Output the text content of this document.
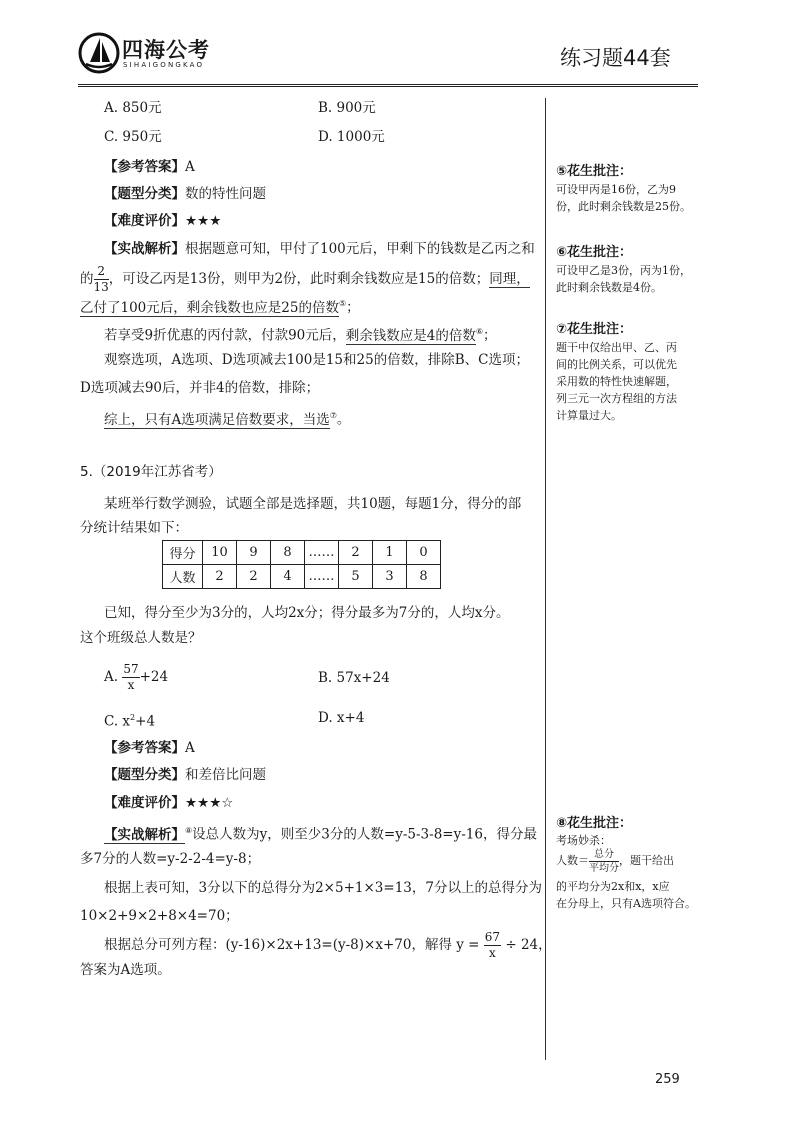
四海公考
SIHAIGONGKAO	练习题44套
A. 850元	B. 900元
C. 950元	D. 1000元
【参考答案】A
【题型分类】数的特性问题
【难度评价】★★★
【实战解析】根据题意可知，甲付了100元后，甲剩下的钱数是乙丙之和
的 $\frac{2}{13}$ ，可设乙丙是13份，则甲为2份，此时剩余钱数应是15的倍数；同理，
乙付了100元后，剩余钱数也应是25的倍数⑤；
若享受9折优惠的丙付款，付款90元后，剩余钱数应是4的倍数⑥；
观察选项，A选项、D选项减去100是15和25的倍数，排除B、C选项；
D选项减去90后，并非4的倍数，排除；
综上，只有A选项满足倍数要求，当选⑦。
5.（2019年江苏省考）
某班举行数学测验，试题全部是选择题，共10题，每题1分，得分的部
分统计结果如下：
得分	10	9	8	……	2	1	0
人数	2	2	4	……	5	3	8
已知，得分至少为3分的，人均2x分；得分最多为7分的，人均x分。
这个班级总人数是？
A. $\frac{57}{x} +24$	B. 57x+24
C. $x^2+4$	D. x+4
【参考答案】A
【题型分类】和差倍比问题
【难度评价】★★★☆
【实战解析】⑧设总人数为y，则至少3分的人数=y-5-3-8=y-16，得分最
多7分的人数=y-2-2-4=y-8；
根据上表可知，3分以下的总得分为2×5+1×3=13，7分以上的总得分为
10×2+9×2+8×4=70；
根据总分可列方程：(y-16)×2x+13=(y-8)×x+70，解得 $y = \frac{67}{x} \div 24$，
答案为A选项。
⑤花生批注：
可设甲丙是16份，乙为9
份，此时剩余钱数是25份。
⑥花生批注：
可设甲乙是3份，丙为1份，
此时剩余钱数是4份。
⑦花生批注：
题干中仅给出甲、乙、丙
间的比例关系，可以优先
采用数的特性快速解题，
列三元一次方程组的方法
计算量过大。
⑧花生批注：
考场妙杀：
人数＝ $\frac{\text{总分}}{\text{平均分}}$ ，题干给出
的平均分为2x和x，x应
在分母上，只有A选项符合。
259
